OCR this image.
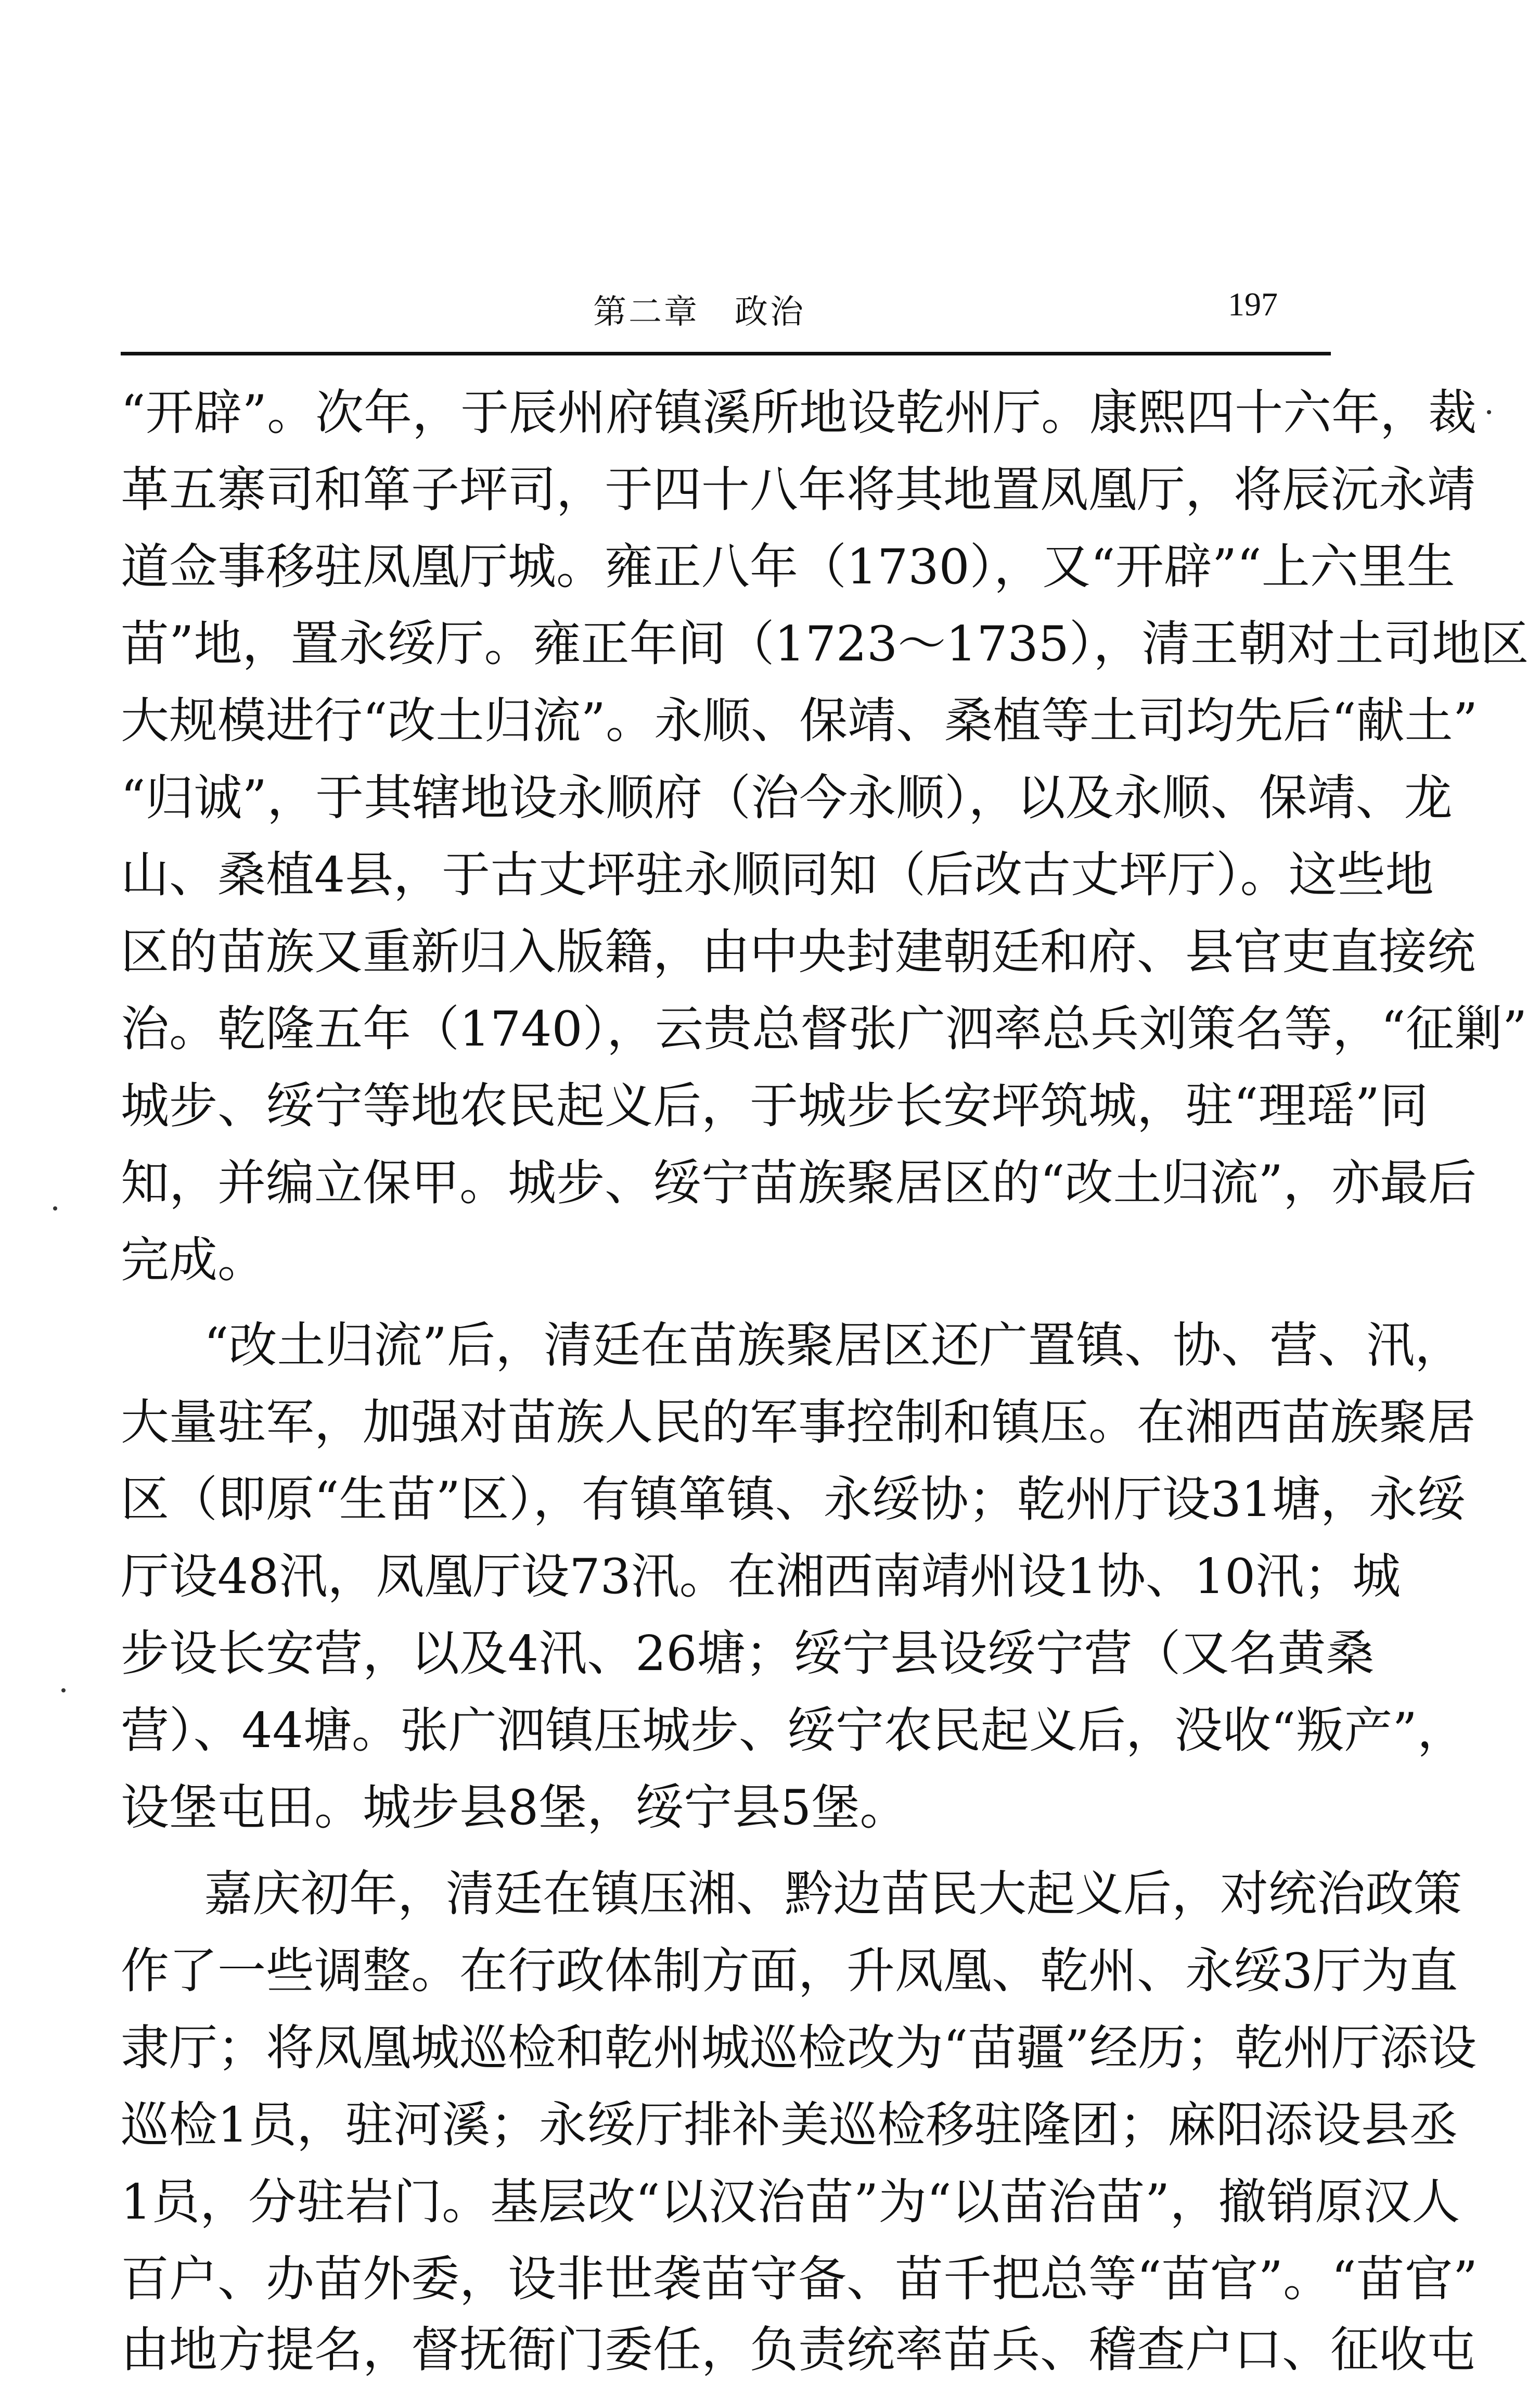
第二章　政治	197
“开辟”。次年，于辰州府镇溪所地设乾州厅。康熙四十六年，裁
革五寨司和箪子坪司，于四十八年将其地置凤凰厅，将辰沅永靖
道佥事移驻凤凰厅城。雍正八年（1730），又“开辟”“上六里生
苗”地，置永绥厅。雍正年间（1723～1735），清王朝对土司地区
大规模进行“改土归流”。永顺、保靖、桑植等土司均先后“献土”
“归诚”，于其辖地设永顺府（治今永顺），以及永顺、保靖、龙
山、桑植4县，于古丈坪驻永顺同知（后改古丈坪厅）。这些地
区的苗族又重新归入版籍，由中央封建朝廷和府、县官吏直接统
治。乾隆五年（1740），云贵总督张广泗率总兵刘策名等，“征剿”
城步、绥宁等地农民起义后，于城步长安坪筑城，驻“理瑶”同
知，并编立保甲。城步、绥宁苗族聚居区的“改土归流”，亦最后
完成。
“改土归流”后，清廷在苗族聚居区还广置镇、协、营、汛，
大量驻军，加强对苗族人民的军事控制和镇压。在湘西苗族聚居
区（即原“生苗”区），有镇箪镇、永绥协；乾州厅设31塘，永绥
厅设48汛，凤凰厅设73汛。在湘西南靖州设1协、10汛；城
步设长安营，以及4汛、26塘；绥宁县设绥宁营（又名黄桑
营）、44塘。张广泗镇压城步、绥宁农民起义后，没收“叛产”，
设堡屯田。城步县8堡，绥宁县5堡。
嘉庆初年，清廷在镇压湘、黔边苗民大起义后，对统治政策
作了一些调整。在行政体制方面，升凤凰、乾州、永绥3厅为直
隶厅；将凤凰城巡检和乾州城巡检改为“苗疆”经历；乾州厅添设
巡检1员，驻河溪；永绥厅排补美巡检移驻隆团；麻阳添设县丞
1员，分驻岩门。基层改“以汉治苗”为“以苗治苗”，撤销原汉人
百户、办苗外委，设非世袭苗守备、苗千把总等“苗官”。“苗官”
由地方提名，督抚衙门委任，负责统率苗兵、稽查户口、征收屯
